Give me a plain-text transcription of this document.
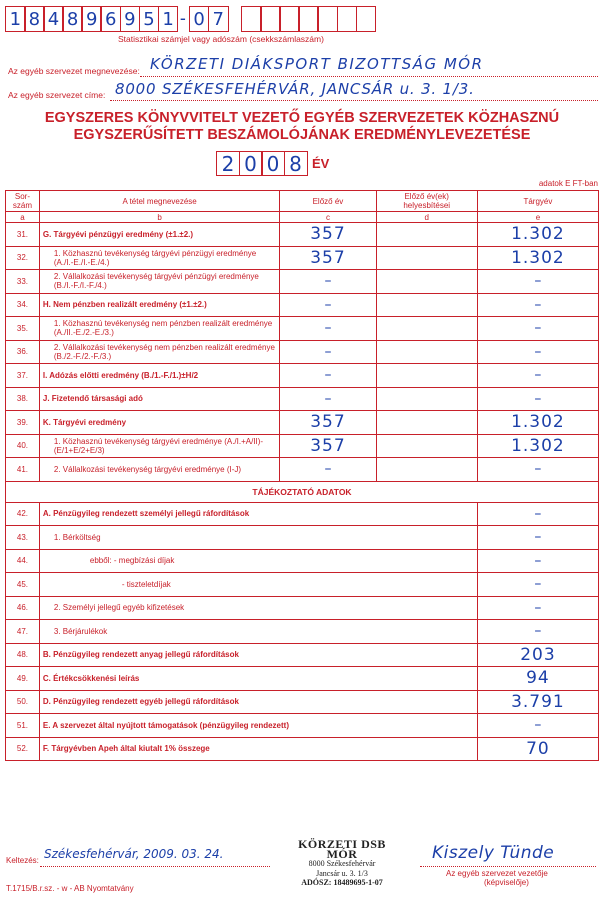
1 8 4 8 9 6 9 5 1 - 0 7
Statisztikai számjel vagy adószám (csekkszámlaszám)
Az egyéb szervezet megnevezése: KÖRZETI DIÁKSPORT BIZOTTSÁG MÓR
Az egyéb szervezet címe: 8000 SZÉKESFEHÉRVÁR, JANCSÁR u. 3. 1/3.
EGYSZERES KÖNYVVITELT VEZETŐ EGYÉB SZERVEZETEK KÖZHASZNÚ
EGYSZERŰSÍTETT BESZÁMOLÓJÁNAK EREDMÉNYLEVEZETÉSE
2 0 0 8 ÉV
adatok E FT-ban
Sor-
szám	A tétel megnevezése	Előző év	Előző év(ek)
helyesbítései	Tárgyév
a	b	c	d	e
31.	G. Tárgyévi pénzügyi eredmény (±1.±2.)	357		1.302
32.	1. Közhasznú tevékenység tárgyévi pénzügyi eredménye (A./I.-E./I.-E./4.)	357		1.302
33.	2. Vállalkozási tevékenység tárgyévi pénzügyi eredménye (B./I.-F./I.-F./4.)	–		–
34.	H. Nem pénzben realizált eredmény (±1.±2.)	–		–
35.	1. Közhasznú tevékenység nem pénzben realizált eredménye (A./II.-E./2.-E./3.)	–		–
36.	2. Vállalkozási tevékenység nem pénzben realizált eredménye (B./2.-F./2.-F./3.)	–		–
37.	I. Adózás előtti eredmény (B./1.-F./1.)±H/2	–		–
38.	J. Fizetendő társasági adó	–		–
39.	K. Tárgyévi eredmény	357		1.302
40.	1. Közhasznú tevékenység tárgyévi eredménye (A./I.+A/II)-(E/1+E/2+E/3)	357		1.302
41.	2. Vállalkozási tevékenység tárgyévi eredménye (I-J)	–		–
TÁJÉKOZTATÓ ADATOK				
42.	A. Pénzügyileg rendezett személyi jellegű ráfordítások			–
43.	1. Bérköltség			–
44.	ebből: - megbízási díjak			–
45.	- tiszteletdíjak			–
46.	2. Személyi jellegű egyéb kifizetések			–
47.	3. Bérjárulékok			–
48.	B. Pénzügyileg rendezett anyag jellegű ráfordítások			203
49.	C. Értékcsökkenési leírás			94
50.	D. Pénzügyileg rendezett egyéb jellegű ráfordítások			3.791
51.	E. A szervezet által nyújtott támogatások (pénzügyileg rendezett)			–
52.	F. Tárgyévben Apeh által kiutalt 1% összege			70
Keltezés: Székesfehérvár, 2009. 03. 24.
KÖRZETI DSB MÓR
8000 Székesfehérvár
Jancsár u. 3. 1/3
ADÓSZ: 18489695-1-07
Kiszely Tünde
Az egyéb szervezet vezetője
(képviselője)
T.1715/B.r.sz. - w - AB Nyomtatvány
